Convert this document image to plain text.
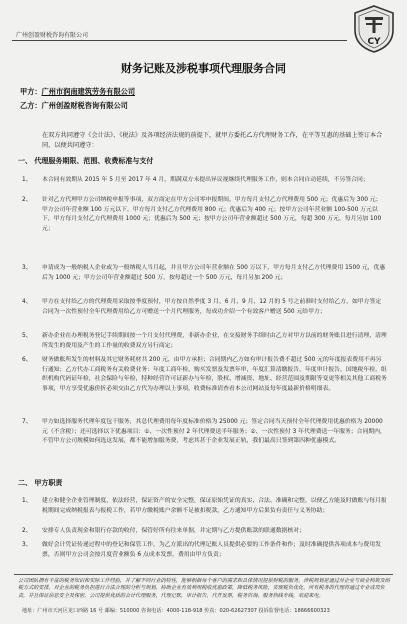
广州创盈财税咨询有限公司
CY
财务记账及涉税事项代理服务合同
甲方：广州市润南建筑劳务有限公司
乙方：广州创盈财税咨询有限公司
在双方共同遵守《会计法》、《税法》及各项经济法规的前提下，就甲方委托乙方代理财务工作，在平等互惠的基础上签订本合同，以便共同遵守：
一、 代理服务期限、范围、收费标准与支付
1、 本合同有效期从 2015 年 5 月至 2017 年 4 月，期满双方未提出异议视继续代理服务工作，则本合同自动延续，不另签合同；
2、 针对乙方代理甲方公司纳税申报等事项，双方商定在甲方公司零申报期间，甲方每月支付乙方代理费用 500 元；优惠后为 300 元；甲方公司年营业额 100 万元以下，甲方每月支付乙方代理费用 800 元；优惠后为 400 元；按甲方公司年营业额 100-500 万元以下，甲方每月支付乙方代理费用 1000 元；优惠后为 500 元；按甲方公司年营业额超过 500 万元，每超 300 万元，每月另加 100 元；
3、 申请成为一般纳税人企业或为一般纳税人当月起，并且甲方公司年营业额在 500 万以下，甲方每月支付乙方代理费用 1500 元，优惠后为 1000 元；甲方公司年营业额超过 500 万，按每超过一个 500 万元，每月另加 200 元；
4、 甲方在支付给乙方的代理费用采取按季度预付，甲方按自然季度 3 月、6 月、9 月、12 月的 5 号之前准时支付给乙方，如甲方签定合同为一次性预付全年代理费用给乙方可赠送一个月代理服务，每成功介绍一个有效客户赠送 500 元给甲方；
5、 新办企业在办理税务登记手续期间按一个月支付代理费，非新办企业，在交接财务手续时由乙方对甲方以前的财务账目进行清理，清理所发生的费用及产生的工作量的收费双方另行商定；
6、 财务做账所发生的材料及其它财务耗材共 200 元，由甲方承担；合同期内乙方如有审计报告费不超过 500 元的年度报表费用不再另行通知；乙方代办工商税务有关收费业务：年度工商年检，购买发票及发票年审，年度汇算清缴报告，年度审计报告，国地税年检，组织机构代码证年检，社会保险与年检，特种经营许可证新办与年检，股权、增减资、地址、经营范围及期限等变更等相关其他工商税务事项，甲方享受优惠价折必须交由乙方代为办理以上事项，收费标准请查看本公司网站及每年度最新价格明细表。
7、 甲方如选择服务代理年度包干服务，其总代理费用每年度标准价格为 25000 元；签定合同当天预付全年代理费用优惠价格为 20000 元（不含税）；还可选择以下优惠项目：①、一次性预付 2 年代理费送半年服务；②、一次性预付 3 年代理费送一年服务；合同期内，不管甲方公司规模如何选这发展，都不能增加服务费，考虑其甚于企业发展正轨，我们最高只签到第四种优惠模式。
二、 甲方职责
1、 建立和健全企业管理制度，依法经营，保证资产的安全完整，保证原始凭证的真实、合法、准确和完整，以便乙方能及时做账与每月报税期间完成纳税报表与报税工作，若甲方缴税账户余额不足被扣税款，乙方通知甲方后果负有责任与义务协助；
2、 安排专人负责现金和银行存款的收付，保管好所有往来单据，并定期与乙方提供账款的联通数据核对；
3、 做好会计凭证传递过程中的登记和保管工作，为乙方派出的代理记账人员提供必要的工作条件和作；及时准确提供各项成本与费用发票，否则甲方公司会按月度营业额负 6 点成本发票，费用由甲方负责；
公司团队拥有丰富的税务知识和实际工作经验，并了解不同行业的特性，能够根据每个客户的需求和具体情况提供财税的服务。涉税规划是通过对企业与商业构筑及纳税方式的安排，对企业的税务负担进行合法合理的分析与规划，协助企业有效利用税收优惠政策，降低税务风险，实现税负优化。所有税务的代理将通过专业成员负责，并且保证信息安全及保密。公司提供优质的会计代理服务，代理记账，审计报告，代开发票，税务咨询、服务热线专线，欢迎来电。
地址：广州市天河区龙口西路 16 号 邮编：510000 咨询电话：4000-118-918 传真：020-62627307 投诉监督电话：18666600323
